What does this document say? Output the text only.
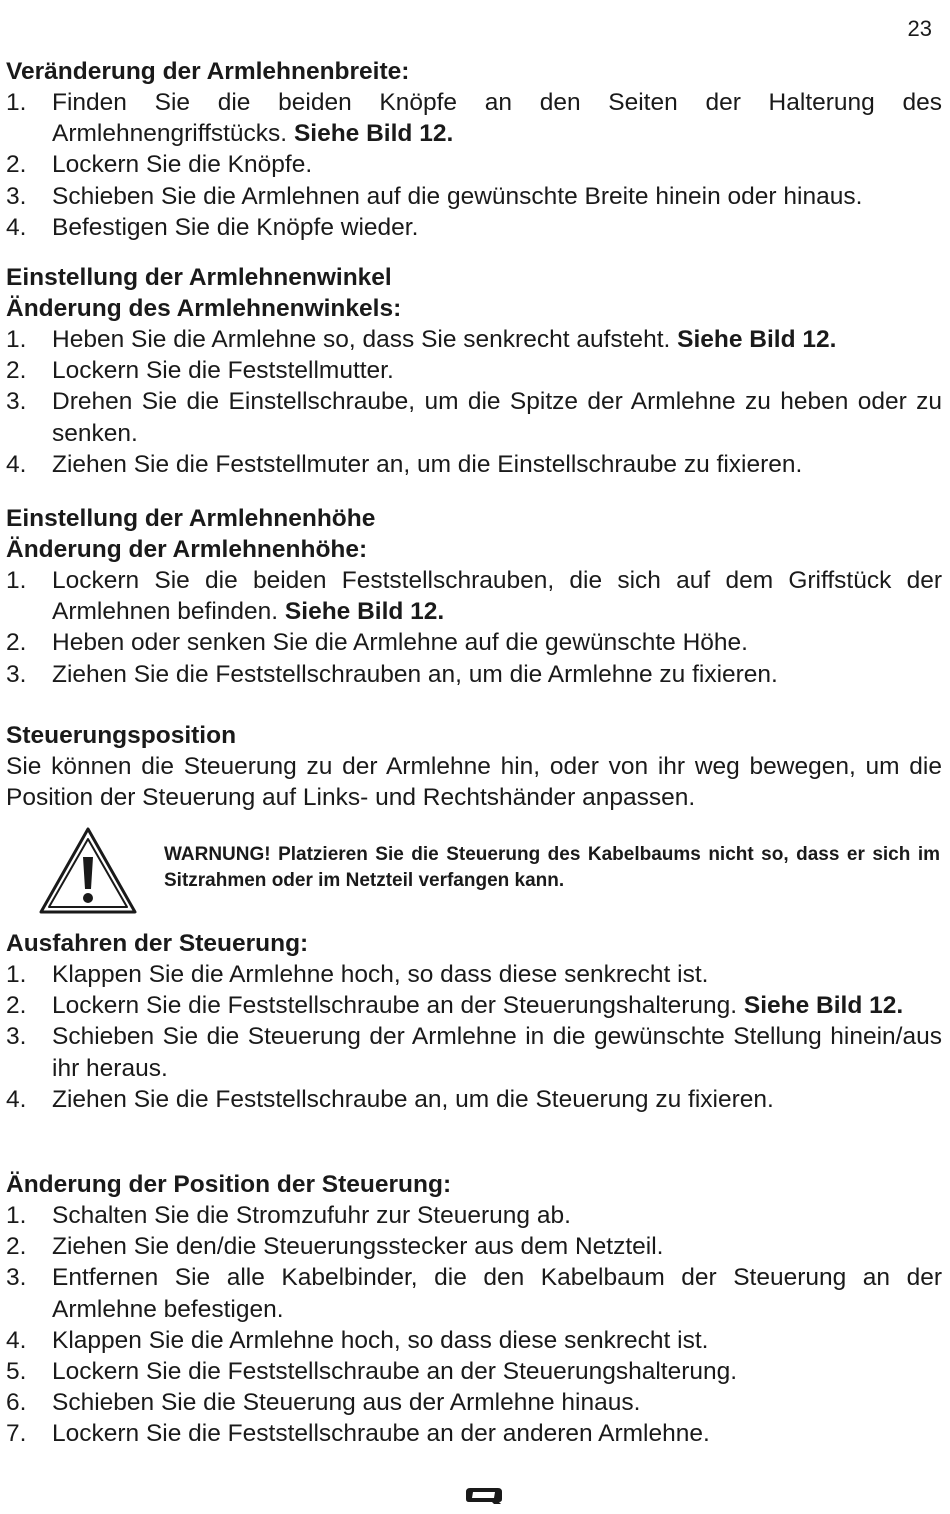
23
Veränderung der Armlehnenbreite:
1. Finden Sie die beiden Knöpfe an den Seiten der Halterung des Armlehnengriffstücks. Siehe Bild 12.
2. Lockern Sie die Knöpfe.
3. Schieben Sie die Armlehnen auf die gewünschte Breite hinein oder hinaus.
4. Befestigen Sie die Knöpfe wieder.
Einstellung der Armlehnenwinkel
Änderung des Armlehnenwinkels:
1. Heben Sie die Armlehne so, dass Sie senkrecht aufsteht. Siehe Bild 12.
2. Lockern Sie die Feststellmutter.
3. Drehen Sie die Einstellschraube, um die Spitze der Armlehne zu heben oder zu senken.
4. Ziehen Sie die Feststellmuter an, um die Einstellschraube zu fixieren.
Einstellung der Armlehnenhöhe
Änderung der Armlehnenhöhe:
1. Lockern Sie die beiden Feststellschrauben, die sich auf dem Griffstück der Armlehnen befinden. Siehe Bild 12.
2. Heben oder senken Sie die Armlehne auf die gewünschte Höhe.
3. Ziehen Sie die Feststellschrauben an, um die Armlehne zu fixieren.
Steuerungsposition

Sie können die Steuerung zu der Armlehne hin, oder von ihr weg bewegen, um die Position der Steuerung auf Links- und Rechtshänder anpassen.

WARNUNG! Platzieren Sie die Steuerung des Kabelbaums nicht so, dass er sich im Sitzrahmen oder im Netzteil verfangen kann.
Ausfahren der Steuerung:
1. Klappen Sie die Armlehne hoch, so dass diese senkrecht ist.
2. Lockern Sie die Feststellschraube an der Steuerungshalterung. Siehe Bild 12.
3. Schieben Sie die Steuerung der Armlehne in die gewünschte Stellung hinein/aus ihr heraus.
4. Ziehen Sie die Feststellschraube an, um die Steuerung zu fixieren.
Änderung der Position der Steuerung:
1. Schalten Sie die Stromzufuhr zur Steuerung ab.
2. Ziehen Sie den/die Steuerungsstecker aus dem Netzteil.
3. Entfernen Sie alle Kabelbinder, die den Kabelbaum der Steuerung an der Armlehne befestigen.
4. Klappen Sie die Armlehne hoch, so dass diese senkrecht ist.
5. Lockern Sie die Feststellschraube an der Steuerungshalterung.
6. Schieben Sie die Steuerung aus der Armlehne hinaus.
7. Lockern Sie die Feststellschraube an der anderen Armlehne.
